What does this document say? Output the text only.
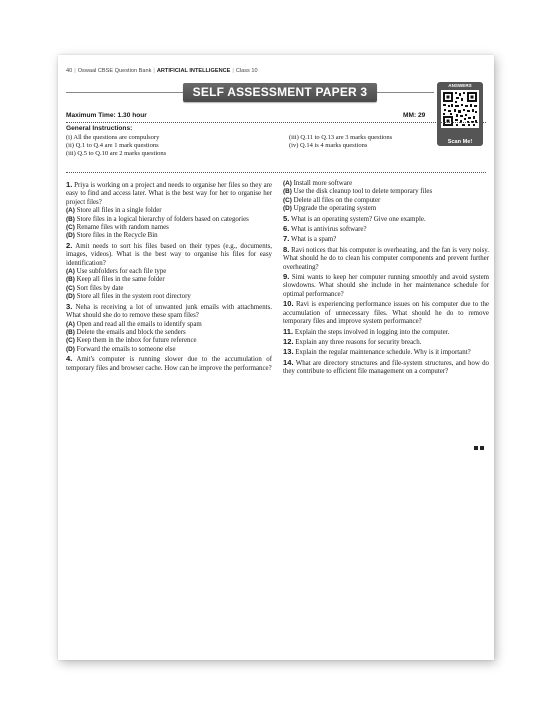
40 | Oswaal CBSE Question Bank | ARTIFICIAL INTELLIGENCE | Class 10
SELF ASSESSMENT PAPER 3	ANSWERS
Scan Me!
Maximum Time: 1.30 hour	MM: 29
General Instructions:
(i) All the questions are compulsory
(ii) Q.1 to Q.4 are 1 mark questions
(iii) Q.5 to Q.10 are 2 marks questions
(iii) Q.11 to Q.13 are 3 marks questions
(iv) Q.14 is 4 marks questions

1. Priya is working on a project and needs to organise her files so they are easy to find and access later. What is the best way for her to organise her project files?

(A) Store all files in a single folder

(B) Store files in a logical hierarchy of folders based on categories

(C) Rename files with random names

(D) Store files in the Recycle Bin

2. Amit needs to sort his files based on their types (e.g., documents, images, videos). What is the best way to organise his files for easy identification?

(A) Use subfolders for each file type

(B) Keep all files in the same folder

(C) Sort files by date

(D) Store all files in the system root directory

3. Neha is receiving a lot of unwanted junk emails with attachments. What should she do to remove these spam files?

(A) Open and read all the emails to identify spam

(B) Delete the emails and block the senders

(C) Keep them in the inbox for future reference

(D) Forward the emails to someone else

4. Amit's computer is running slower due to the accumulation of temporary files and browser cache. How can he improve the performance?

(A) Install more software

(B) Use the disk cleanup tool to delete temporary files

(C) Delete all files on the computer

(D) Upgrade the operating system

5. What is an operating system? Give one example.

6. What is antivirus software?

7. What is a spam?

8. Ravi notices that his computer is overheating, and the fan is very noisy. What should he do to clean his computer components and prevent further overheating?

9. Simi wants to keep her computer running smoothly and avoid system slowdowns. What should she include in her maintenance schedule for optimal performance?

10. Ravi is experiencing performance issues on his computer due to the accumulation of unnecessary files. What should he do to remove temporary files and improve system performance?

11. Explain the steps involved in logging into the computer.

12. Explain any three reasons for security breach.

13. Explain the regular maintenance schedule. Why is it important?

14. What are directory structures and file-system structures, and how do they contribute to efficient file management on a computer?
